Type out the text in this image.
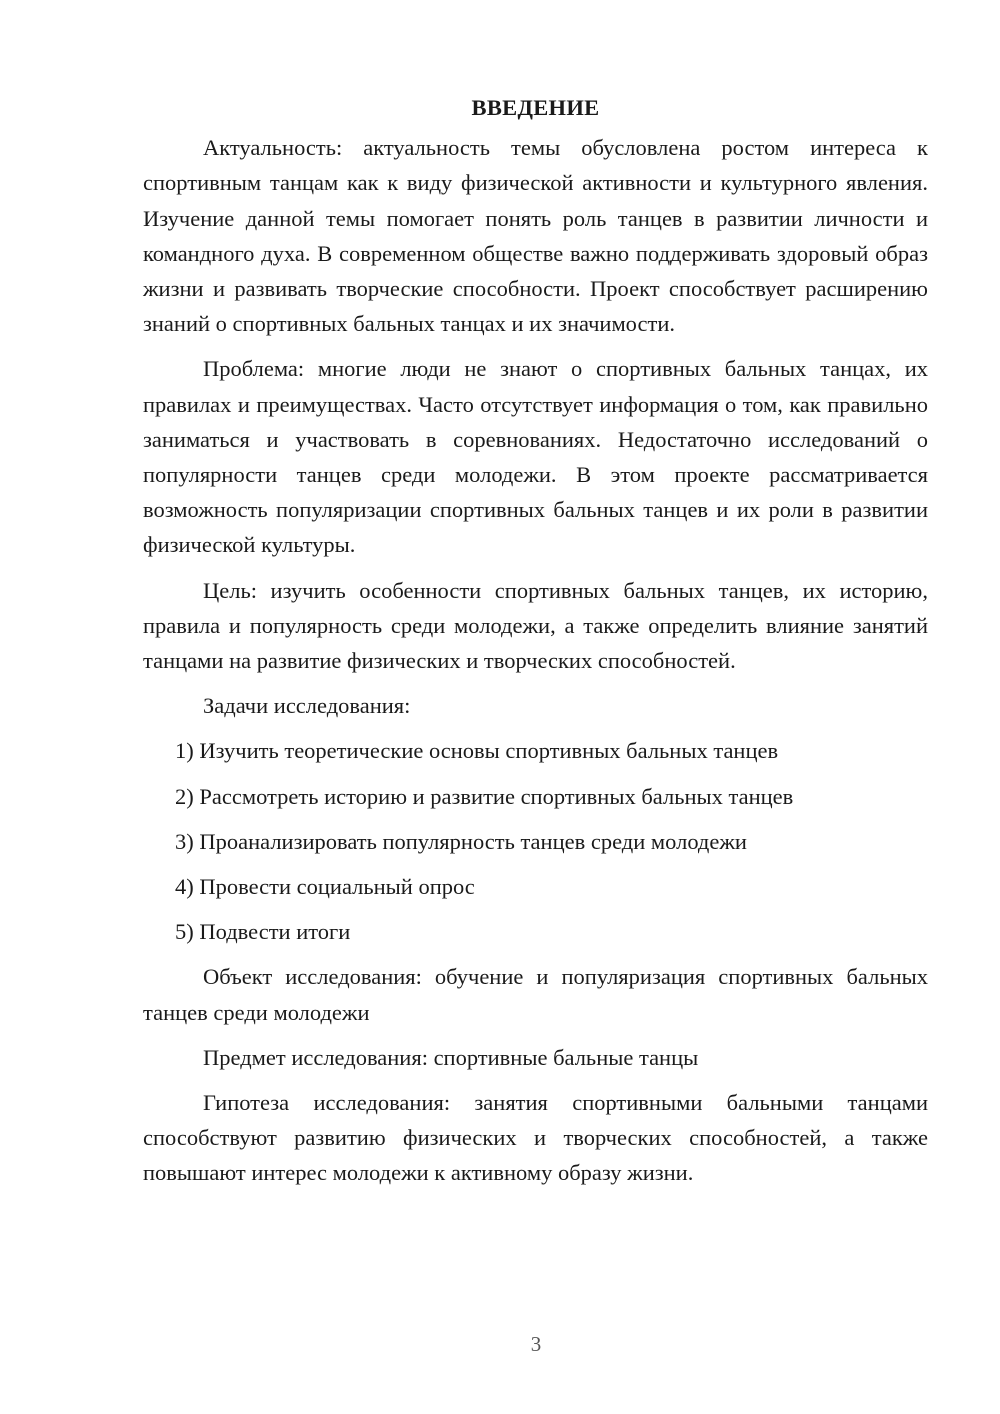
ВВЕДЕНИЕ

Актуальность: актуальность темы обусловлена ростом интереса к спортивным танцам как к виду физической активности и культурного явления. Изучение данной темы помогает понять роль танцев в развитии личности и командного духа. В современном обществе важно поддерживать здоровый образ жизни и развивать творческие способности. Проект способствует расширению знаний о спортивных бальных танцах и их значимости.

Проблема: многие люди не знают о спортивных бальных танцах, их правилах и преимуществах. Часто отсутствует информация о том, как правильно заниматься и участвовать в соревнованиях. Недостаточно исследований о популярности танцев среди молодежи. В этом проекте рассматривается возможность популяризации спортивных бальных танцев и их роли в развитии физической культуры.

Цель: изучить особенности спортивных бальных танцев, их историю, правила и популярность среди молодежи, а также определить влияние занятий танцами на развитие физических и творческих способностей.

Задачи исследования:

1) Изучить теоретические основы спортивных бальных танцев
2) Рассмотреть историю и развитие спортивных бальных танцев
3) Проанализировать популярность танцев среди молодежи
4) Провести социальный опрос
5) Подвести итоги

Объект исследования: обучение и популяризация спортивных бальных танцев среди молодежи

Предмет исследования: спортивные бальные танцы

Гипотеза исследования: занятия спортивными бальными танцами способствуют развитию физических и творческих способностей, а также повышают интерес молодежи к активному образу жизни.

3
